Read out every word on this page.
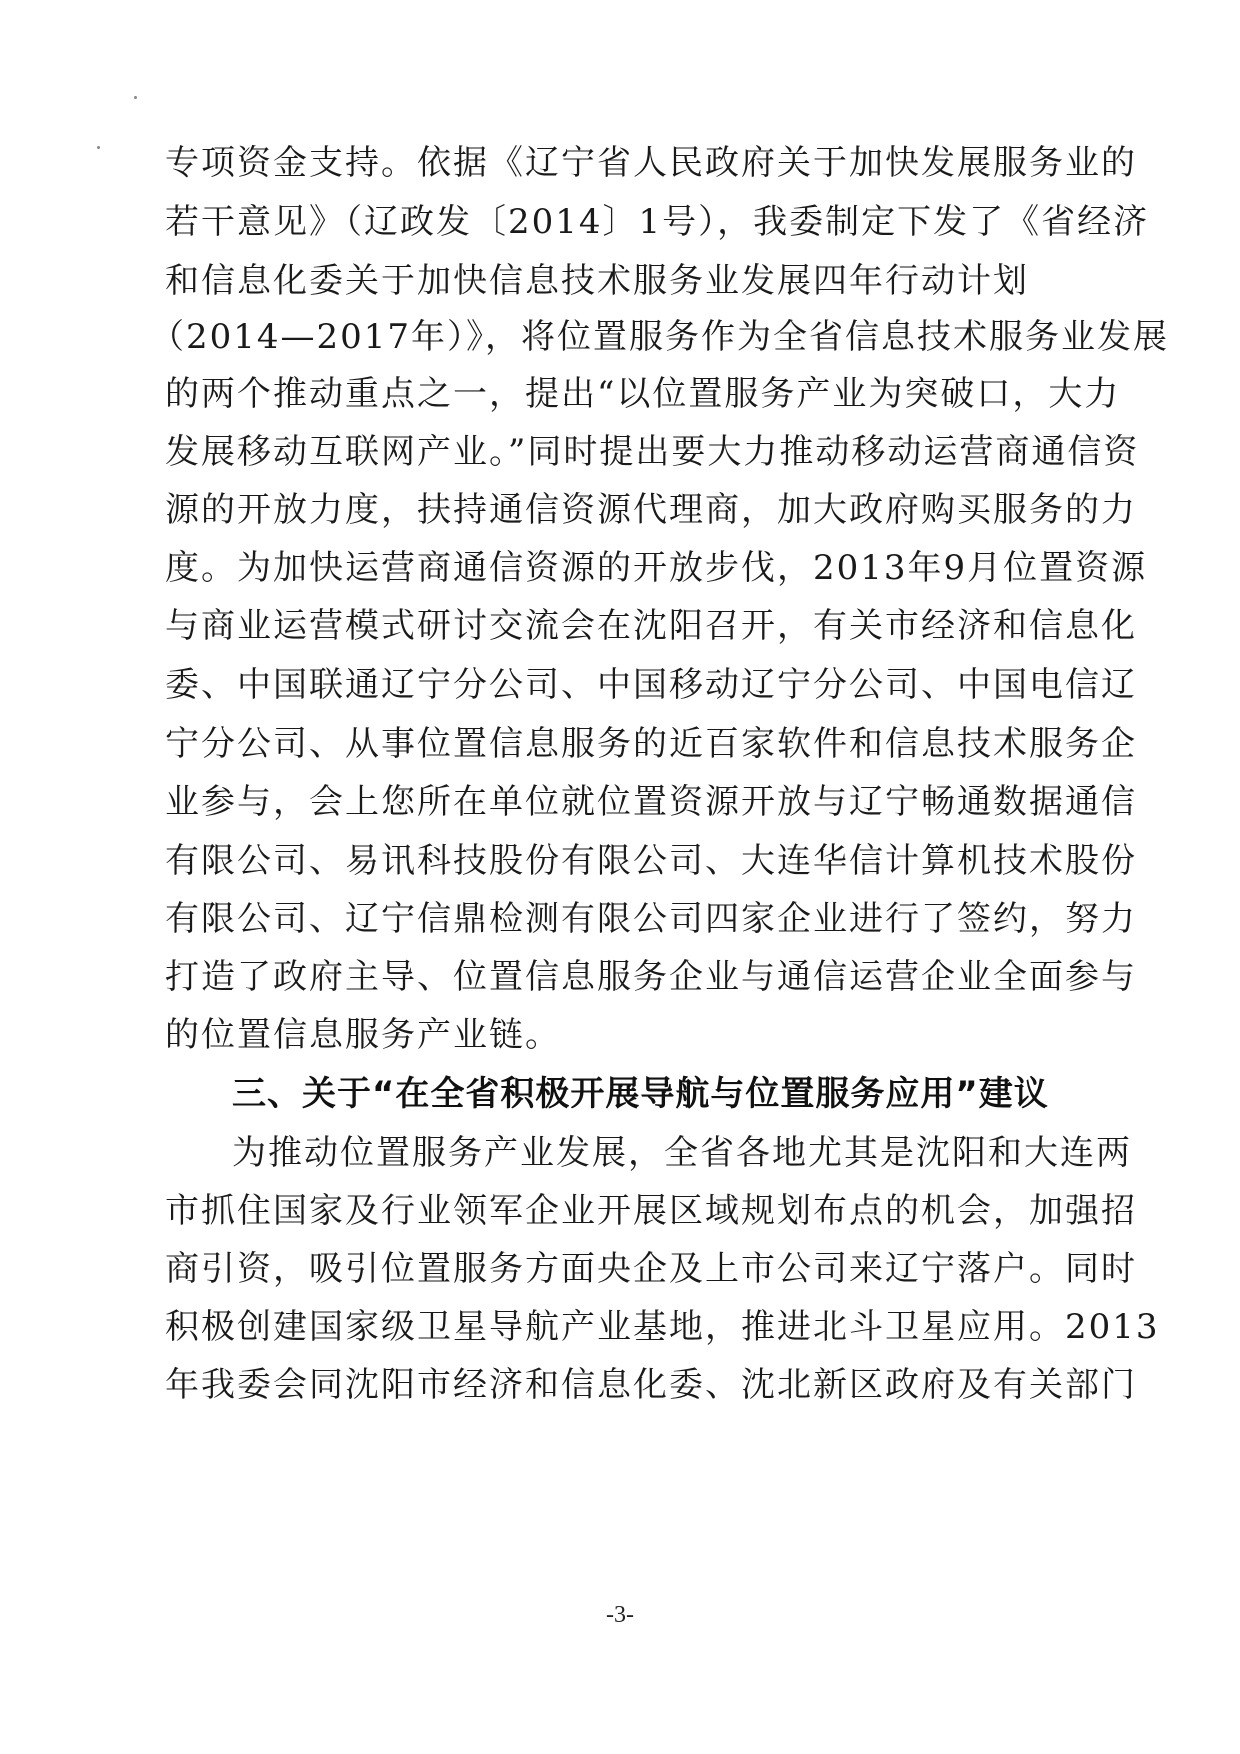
专项资金支持。依据《辽宁省人民政府关于加快发展服务业的
若干意见》（辽政发〔2014〕1号），我委制定下发了《省经济
和信息化委关于加快信息技术服务业发展四年行动计划
（2014—2017年）》，将位置服务作为全省信息技术服务业发展
的两个推动重点之一，提出“以位置服务产业为突破口，大力
发展移动互联网产业。”同时提出要大力推动移动运营商通信资
源的开放力度，扶持通信资源代理商，加大政府购买服务的力
度。为加快运营商通信资源的开放步伐，2013年9月位置资源
与商业运营模式研讨交流会在沈阳召开，有关市经济和信息化
委、中国联通辽宁分公司、中国移动辽宁分公司、中国电信辽
宁分公司、从事位置信息服务的近百家软件和信息技术服务企
业参与，会上您所在单位就位置资源开放与辽宁畅通数据通信
有限公司、易讯科技股份有限公司、大连华信计算机技术股份
有限公司、辽宁信鼎检测有限公司四家企业进行了签约，努力
打造了政府主导、位置信息服务企业与通信运营企业全面参与
的位置信息服务产业链。
三、关于“在全省积极开展导航与位置服务应用”建议
为推动位置服务产业发展，全省各地尤其是沈阳和大连两
市抓住国家及行业领军企业开展区域规划布点的机会，加强招
商引资，吸引位置服务方面央企及上市公司来辽宁落户。同时
积极创建国家级卫星导航产业基地，推进北斗卫星应用。2013
年我委会同沈阳市经济和信息化委、沈北新区政府及有关部门
-3-
